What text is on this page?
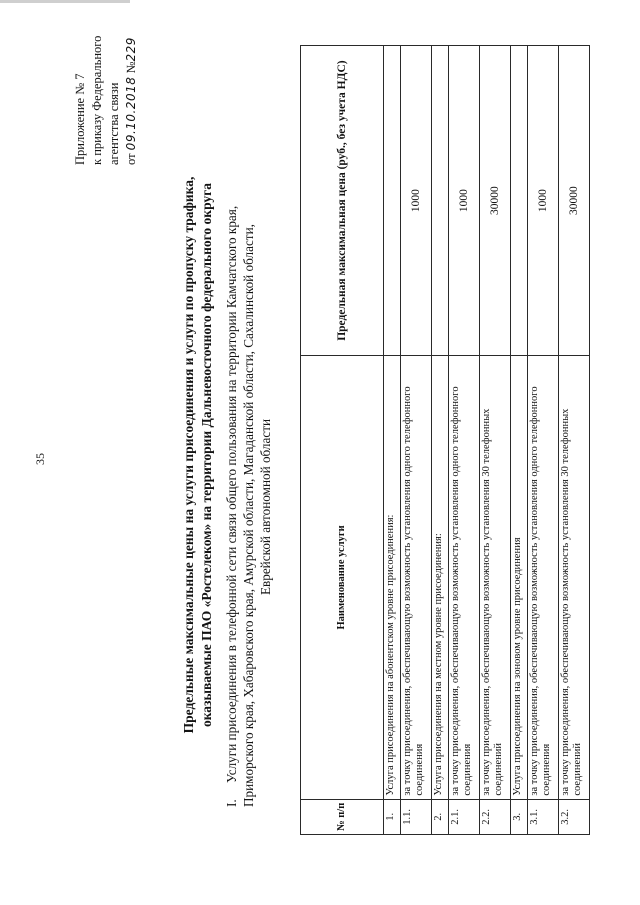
35
Приложение № 7 к приказу Федерального агентства связи от 09.10.2018 №229
Предельные максимальные цены на услуги присоединения и услуги по пропуску трафика, оказываемые ПАО «Ростелеком» на территории Дальневосточного федерального округа
I.Услуги присоединения в телефонной сети связи общего пользования на территории Камчатского края, Приморского края, Хабаровского края, Амурской области, Магаданской области, Сахалинской области, Еврейской автономной области
№ п/п	Наименование услуги	Предельная максимальная цена (руб., без учета НДС)
1.	Услуга присоединения на абонентском уровне присоединения:	
1.1.	за точку присоединения, обеспечивающую возможность установления одного телефонного соединения	1000
2.	Услуга присоединения на местном уровне присоединения:	
2.1.	за точку присоединения, обеспечивающую возможность установления одного телефонного соединения	1000
2.2.	за точку присоединения, обеспечивающую возможность установления 30 телефонных соединений	30000
3.	Услуга присоединения на зоновом уровне присоединения	
3.1.	за точку присоединения, обеспечивающую возможность установления одного телефонного соединения	1000
3.2.	за точку присоединения, обеспечивающую возможность установления 30 телефонных соединений	30000
